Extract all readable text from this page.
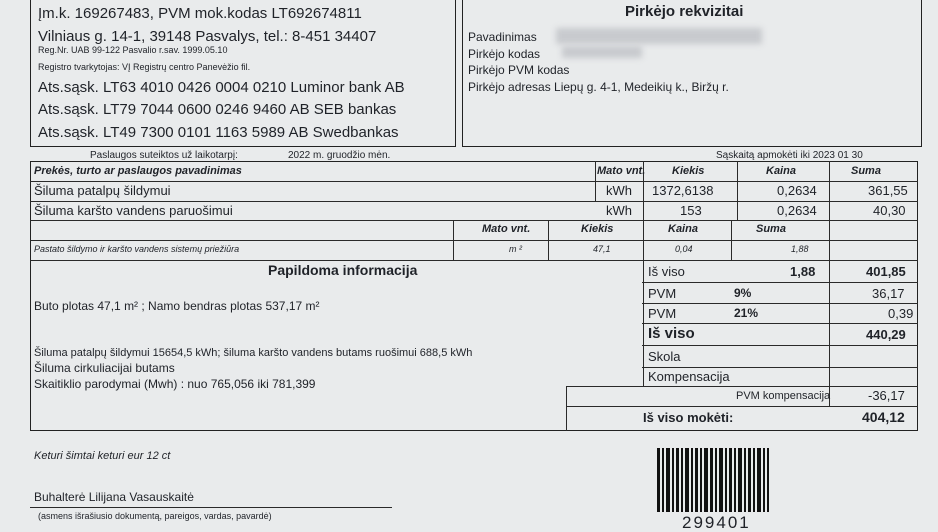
Įm.k. 169267483, PVM mok.kodas LT692674811
Vilniaus g. 14-1, 39148 Pasvalys, tel.: 8-451 34407
Reg.Nr. UAB 99-122 Pasvalio r.sav. 1999.05.10
Registro tvarkytojas: VĮ Registrų centro Panevėžio fil.
Ats.sąsk. LT63 4010 0426 0004 0210 Luminor bank AB
Ats.sąsk. LT79 7044 0600 0246 9460 AB SEB bankas
Ats.sąsk. LT49 7300 0101 1163 5989 AB Swedbankas
Pirkėjo rekvizitai
Pavadinimas
Pirkėjo kodas
Pirkėjo PVM kodas
Pirkėjo adresas Liepų g. 4-1, Medeikių k., Biržų r.
Paslaugos suteiktos už laikotarpį:	2022 m. gruodžio mėn.	Sąskaitą apmokėti iki 2023 01 30
Prekės, turto ar paslaugos pavadinimas	Mato vnt. Kiekis	Kaina	Suma
Šiluma patalpų šildymui	kWh 1372,6138	0,2634	361,55
Šiluma karšto vandens paruošimui	kWh	153	0,2634	40,30
Mato vnt.	Kiekis	Kaina	Suma
Pastato šildymo ir karšto vandens sistemų priežiūra	m ²	47,1	0,04	1,88
Papildoma informacija
Buto plotas 47,1 m² ; Namo bendras plotas 537,17 m²
Šiluma patalpų šildymui 15654,5 kWh; šiluma karšto vandens butams ruošimui 688,5 kWh
Šiluma cirkuliacijai butams
Skaitiklio parodymai (Mwh) : nuo 765,056 iki 781,399
Iš viso	1,88	401,85
PVM	9%	36,17
PVM	21%	0,39
Iš viso	440,29
Skola
Kompensacija
PVM kompensacija	-36,17
Iš viso mokėti:	404,12
Keturi šimtai keturi eur 12 ct
Buhalterė Lilijana Vasauskaitė
(asmens išrašiusio dokumentą, pareigos, vardas, pavardė)	299401
